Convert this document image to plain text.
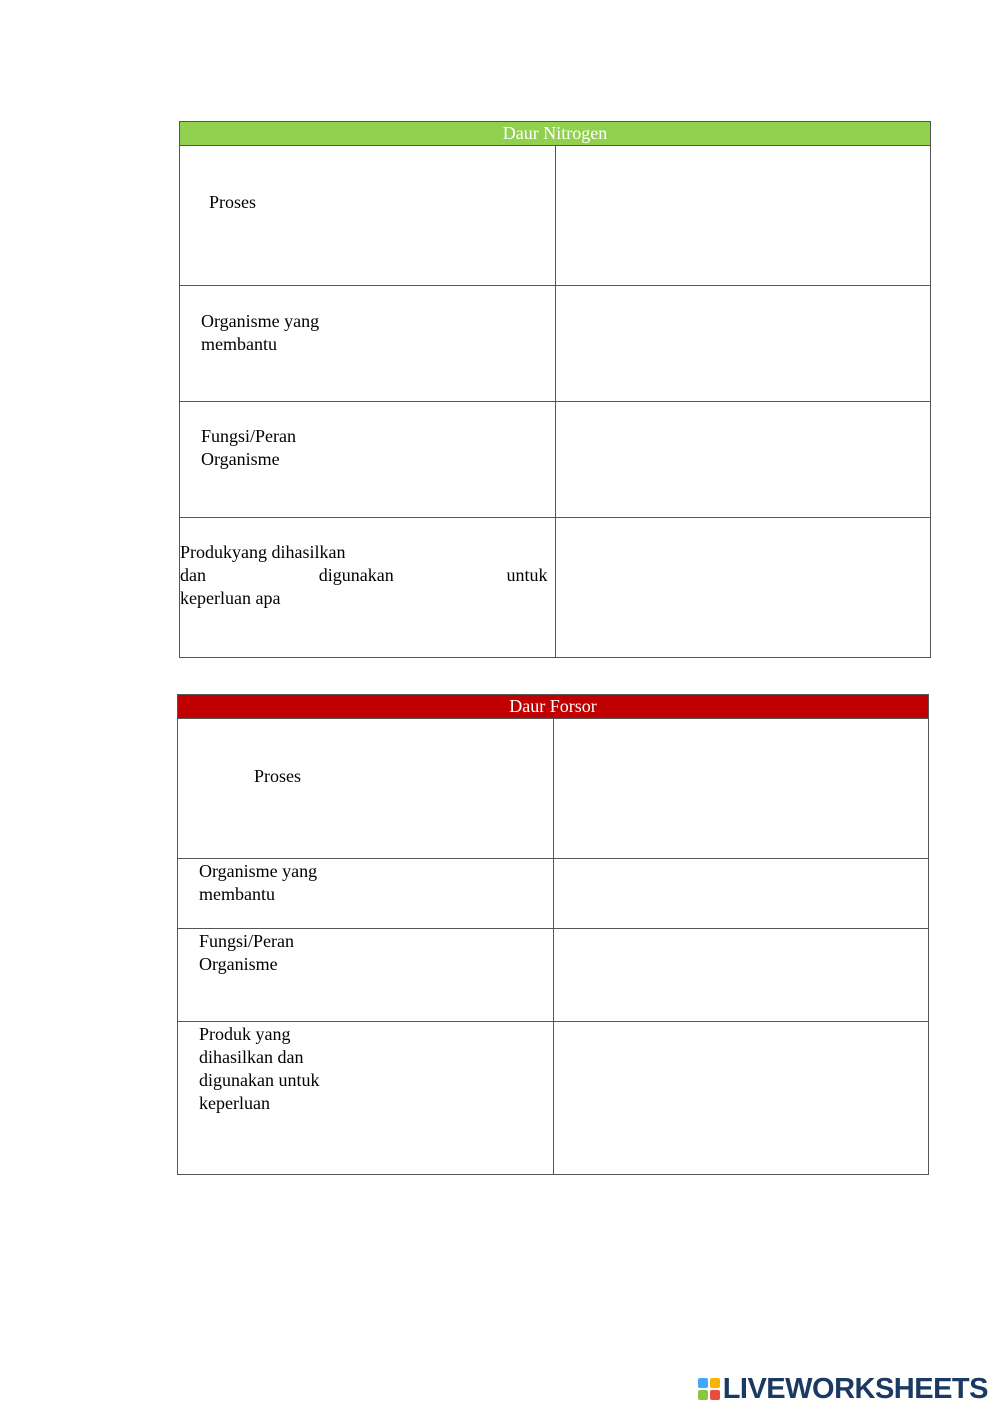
Daur Nitrogen	

Proses	

Organisme yang
membantu	

Fungsi/Peran
Organisme	

Produkyang dihasilkan
dan digunakan untuk
keperluan apa	

Daur Forsor	

Proses	

Organisme yang
membantu	

Fungsi/Peran
Organisme	

Produk yang
dihasilkan dan
digunakan untuk
keperluan	

LIVEWORKSHEETS
